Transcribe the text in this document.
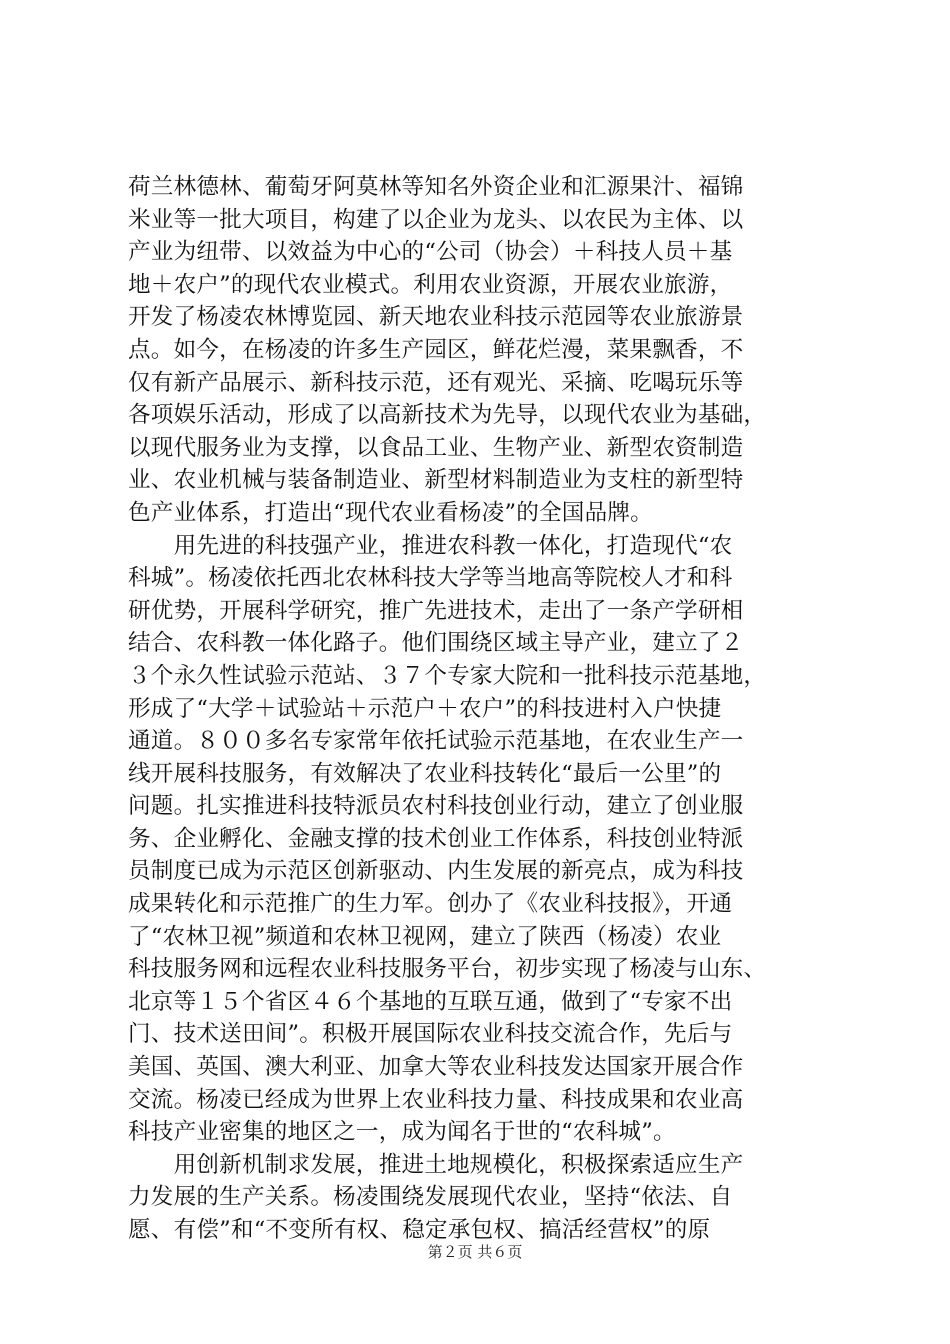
荷兰林德林、葡萄牙阿莫林等知名外资企业和汇源果汁、福锦
米业等一批大项目，构建了以企业为龙头、以农民为主体、以
产业为纽带、以效益为中心的“公司（协会）＋科技人员＋基
地＋农户”的现代农业模式。利用农业资源，开展农业旅游，
开发了杨凌农林博览园、新天地农业科技示范园等农业旅游景
点。如今，在杨凌的许多生产园区，鲜花烂漫，菜果飘香，不
仅有新产品展示、新科技示范，还有观光、采摘、吃喝玩乐等
各项娱乐活动，形成了以高新技术为先导，以现代农业为基础，
以现代服务业为支撑，以食品工业、生物产业、新型农资制造
业、农业机械与装备制造业、新型材料制造业为支柱的新型特
色产业体系，打造出“现代农业看杨凌”的全国品牌。
　　用先进的科技强产业，推进农科教一体化，打造现代“农
科城”。杨凌依托西北农林科技大学等当地高等院校人才和科
研优势，开展科学研究，推广先进技术，走出了一条产学研相
结合、农科教一体化路子。他们围绕区域主导产业，建立了２
３个永久性试验示范站、３７个专家大院和一批科技示范基地，
形成了“大学＋试验站＋示范户＋农户”的科技进村入户快捷
通道。８００多名专家常年依托试验示范基地，在农业生产一
线开展科技服务，有效解决了农业科技转化“最后一公里”的
问题。扎实推进科技特派员农村科技创业行动，建立了创业服
务、企业孵化、金融支撑的技术创业工作体系，科技创业特派
员制度已成为示范区创新驱动、内生发展的新亮点，成为科技
成果转化和示范推广的生力军。创办了《农业科技报》，开通
了“农林卫视”频道和农林卫视网，建立了陕西（杨凌）农业
科技服务网和远程农业科技服务平台，初步实现了杨凌与山东、
北京等１５个省区４６个基地的互联互通，做到了“专家不出
门、技术送田间”。积极开展国际农业科技交流合作，先后与
美国、英国、澳大利亚、加拿大等农业科技发达国家开展合作
交流。杨凌已经成为世界上农业科技力量、科技成果和农业高
科技产业密集的地区之一，成为闻名于世的“农科城”。
　　用创新机制求发展，推进土地规模化，积极探索适应生产
力发展的生产关系。杨凌围绕发展现代农业，坚持“依法、自
愿、有偿”和“不变所有权、稳定承包权、搞活经营权”的原
第２页 共６页
